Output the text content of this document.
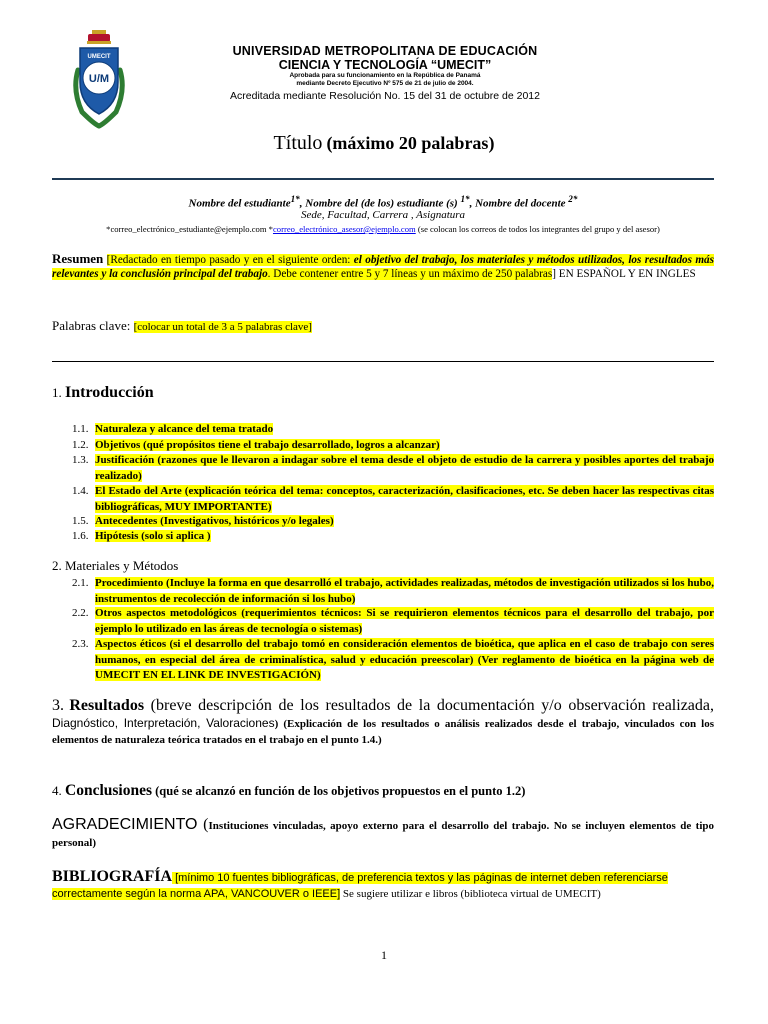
UMECIT
U/M
UNIVERSIDAD METROPOLITANA DE EDUCACIÓN
CIENCIA Y TECNOLOGÍA “UMECIT”
Aprobada para su funcionamiento en la República de Panamá
mediante Decreto Ejecutivo Nº 575 de 21 de julio de 2004.
Acreditada mediante Resolución No. 15 del 31 de octubre de 2012
Título (máximo 20 palabras)
Nombre del estudiante$^{1*}$, Nombre del (de los) estudiante (s) $^{1*}$, Nombre del docente $^{2*}$
Sede, Facultad, Carrera , Asignatura
*correo_electrónico_estudiante@ejemplo.com *correo_electrónico_asesor@ejemplo.com (se colocan los correos de todos los integrantes del grupo y del asesor)
Resumen [Redactado en tiempo pasado y en el siguiente orden: el objetivo del trabajo, los materiales y métodos utilizados, los resultados más relevantes y la conclusión principal del trabajo. Debe contener entre 5 y 7 líneas y un máximo de 250 palabras] EN ESPAÑOL Y EN INGLES
Palabras clave: [colocar un total de 3 a 5 palabras clave]
1. Introducción
1.1. Naturaleza y alcance del tema tratado
1.2. Objetivos (qué propósitos tiene el trabajo desarrollado, logros a alcanzar)
1.3. Justificación (razones que le llevaron a indagar sobre el tema desde el objeto de estudio de la carrera y posibles aportes del trabajo realizado)
1.4. El Estado del Arte (explicación teórica del tema: conceptos, caracterización, clasificaciones, etc. Se deben hacer las respectivas citas bibliográficas, MUY IMPORTANTE)
1.5. Antecedentes (Investigativos, históricos y/o legales)
1.6. Hipótesis (solo si aplica )
2. Materiales y Métodos
2.1. Procedimiento (Incluye la forma en que desarrolló el trabajo, actividades realizadas, métodos de investigación utilizados si los hubo, instrumentos de recolección de información si los hubo)
2.2. Otros aspectos metodológicos (requerimientos técnicos: Si se requirieron elementos técnicos para el desarrollo del trabajo, por ejemplo lo utilizado en las áreas de tecnología o sistemas)
2.3. Aspectos éticos (si el desarrollo del trabajo tomó en consideración elementos de bioética, que aplica en el caso de trabajo con seres humanos, en especial del área de criminalística, salud y educación preescolar) (Ver reglamento de bioética en la página web de UMECIT EN EL LINK DE INVESTIGACIÓN)
3. Resultados (breve descripción de los resultados de la documentación y/o observación realizada, Diagnóstico, Interpretación, Valoraciones) (Explicación de los resultados o análisis realizados desde el trabajo, vinculados con los elementos de naturaleza teórica tratados en el trabajo en el punto 1.4.)
4. Conclusiones (qué se alcanzó en función de los objetivos propuestos en el punto 1.2)
AGRADECIMIENTO (Instituciones vinculadas, apoyo externo para el desarrollo del trabajo. No se incluyen elementos de tipo personal)
BIBLIOGRAFÍA [mínimo 10 fuentes bibliográficas, de preferencia textos y las páginas de internet deben referenciarse correctamente según la norma APA, VANCOUVER o IEEE] Se sugiere utilizar e libros (biblioteca virtual de UMECIT)
1
